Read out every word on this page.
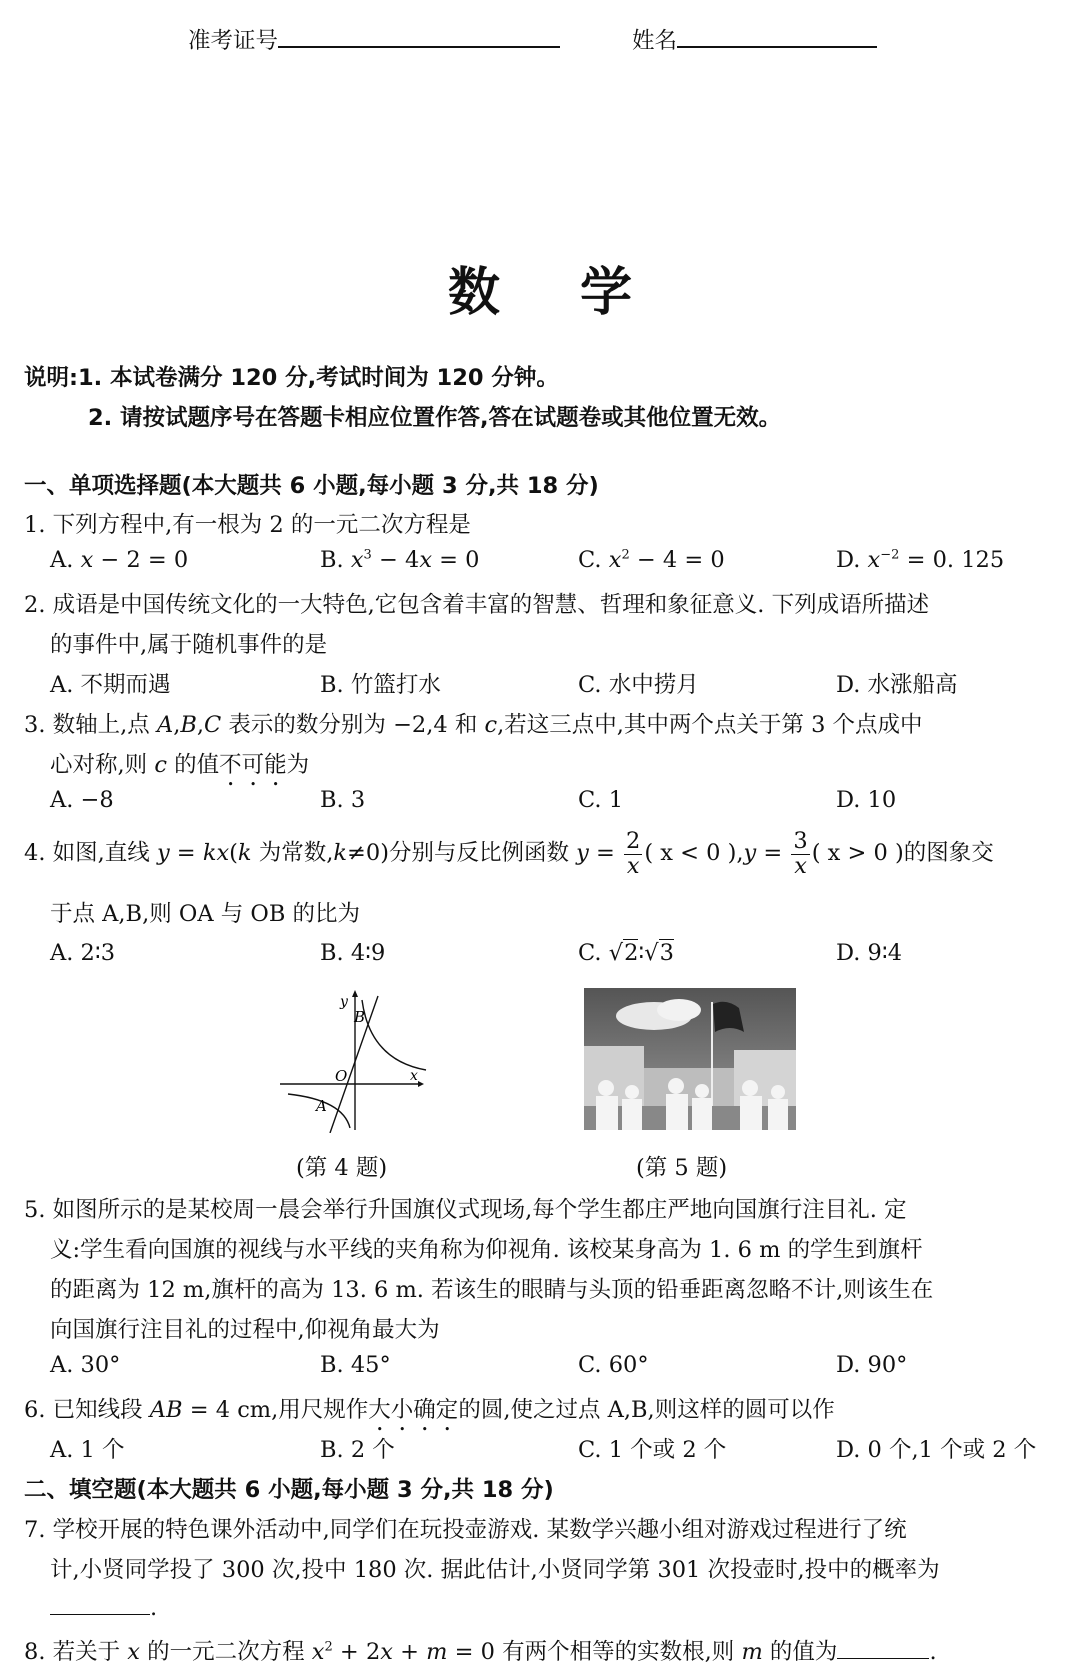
准考证号	姓名
数学
说明:1. 本试卷满分 120 分,考试时间为 120 分钟。
2. 请按试题序号在答题卡相应位置作答,答在试题卷或其他位置无效。
一、单项选择题(本大题共 6 小题,每小题 3 分,共 18 分)
1. 下列方程中,有一根为 2 的一元二次方程是
A. x − 2 = 0	B. $x^3 - 4x = 0$	C. $x^2 - 4 = 0$	D. $x^{-2} = 0$. 125
2. 成语是中国传统文化的一大特色,它包含着丰富的智慧、哲理和象征意义. 下列成语所描述
的事件中,属于随机事件的是
A. 不期而遇	B. 竹篮打水	C. 水中捞月	D. 水涨船高
3. 数轴上,点 A,B,C 表示的数分别为 −2,4 和 c,若这三点中,其中两个点关于第 3 个点成中
心对称,则 c 的值不可能为
A. −8	B. 3	C. 1	D. 10
4. 如图,直线 y = kx(k 为常数,k≠0)分别与反比例函数 $y = \frac{2}{x}$( x < 0 )$,y = \frac{3}{x}$( x > 0 )的图象交
于点 A,B,则 OA 与 OB 的比为
A. 2∶3	B. 4∶9	C. √2∶√3	D. 9∶4
y
B
O	x
A
(第 4 题)	(第 5 题)
5. 如图所示的是某校周一晨会举行升国旗仪式现场,每个学生都庄严地向国旗行注目礼. 定
义:学生看向国旗的视线与水平线的夹角称为仰视角. 该校某身高为 1. 6 m 的学生到旗杆
的距离为 12 m,旗杆的高为 13. 6 m. 若该生的眼睛与头顶的铅垂距离忽略不计,则该生在
向国旗行注目礼的过程中,仰视角最大为
A. 30°	B. 45°	C. 60°	D. 90°
6. 已知线段 AB = 4 cm,用尺规作大小确定的圆,使之过点 A,B,则这样的圆可以作
A. 1 个	B. 2 个	C. 1 个或 2 个	D. 0 个,1 个或 2 个
二、填空题(本大题共 6 小题,每小题 3 分,共 18 分)
7. 学校开展的特色课外活动中,同学们在玩投壶游戏. 某数学兴趣小组对游戏过程进行了统
计,小贤同学投了 300 次,投中 180 次. 据此估计,小贤同学第 301 次投壶时,投中的概率为
.
8. 若关于 x 的一元二次方程 $x^2 + 2x + m = 0$ 有两个相等的实数根,则 m 的值为	.
